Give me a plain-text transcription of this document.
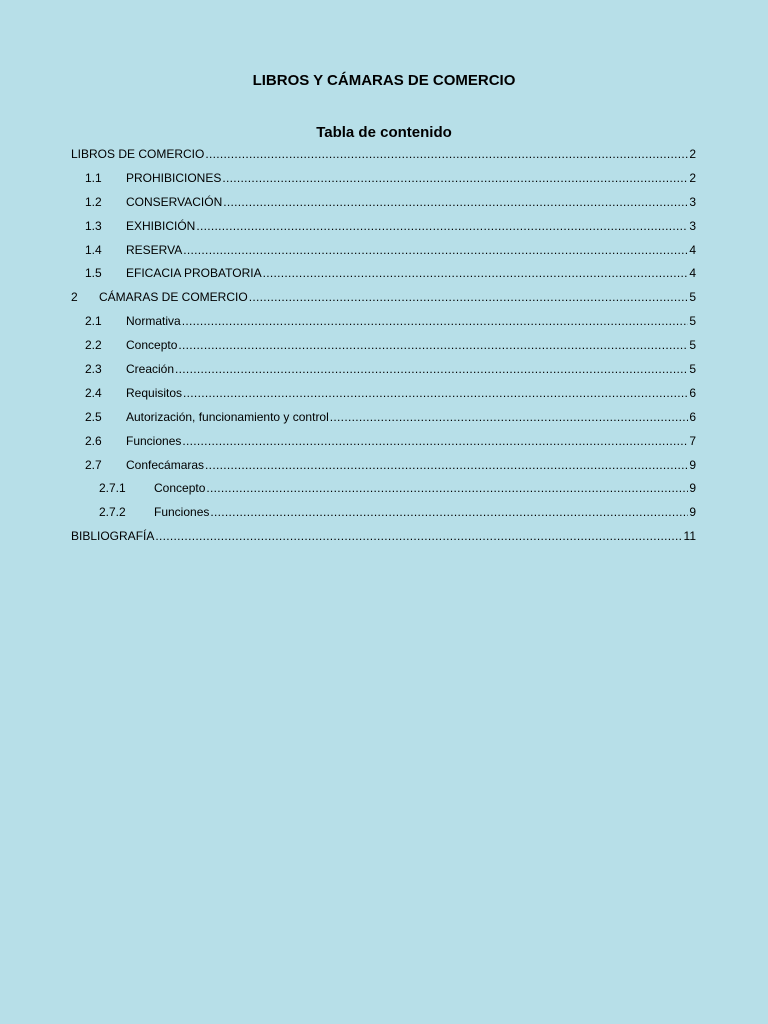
LIBROS Y CÁMARAS DE COMERCIO
Tabla de contenido
LIBROS DE COMERCIO .....	2
1.1	PROHIBICIONES .....	2
1.2	CONSERVACIÓN .....	3
1.3	EXHIBICIÓN .....	3
1.4	RESERVA .....	4
1.5	EFICACIA PROBATORIA .....	4
2	CÁMARAS DE COMERCIO .....	5
2.1	Normativa .....	5
2.2	Concepto .....	5
2.3	Creación .....	5
2.4	Requisitos .....	6
2.5	Autorización, funcionamiento y control .....	6
2.6	Funciones .....	7
2.7	Confecámaras .....	9
2.7.1	Concepto .....	9
2.7.2	Funciones .....	9
BIBLIOGRAFÍA .....	11
